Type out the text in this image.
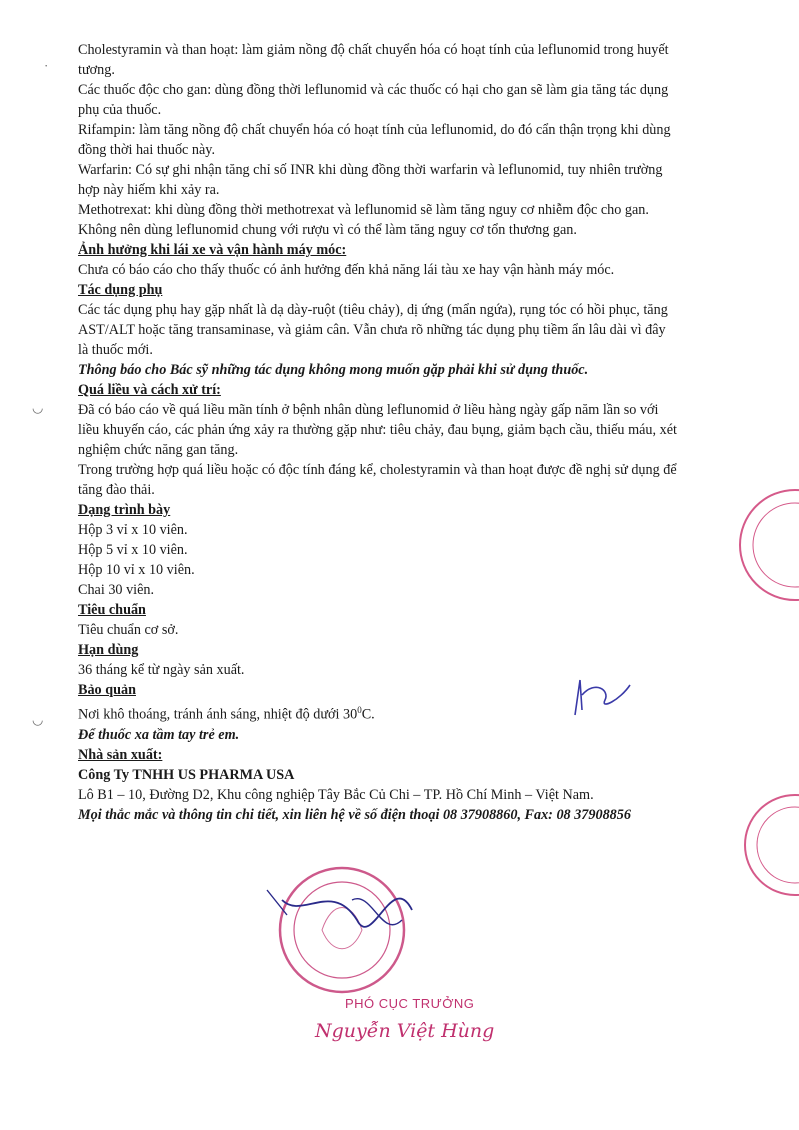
·
◡
◡

Cholestyramin và than hoạt: làm giảm nồng độ chất chuyển hóa có hoạt tính của leflunomid trong huyết tương.

Các thuốc độc cho gan: dùng đồng thời leflunomid và các thuốc có hại cho gan sẽ làm gia tăng tác dụng phụ của thuốc.

Rifampin: làm tăng nồng độ chất chuyển hóa có hoạt tính của leflunomid, do đó cẩn thận trọng khi dùng đồng thời hai thuốc này.

Warfarin: Có sự ghi nhận tăng chỉ số INR khi dùng đồng thời warfarin và leflunomid, tuy nhiên trường hợp này hiếm khi xảy ra.

Methotrexat: khi dùng đồng thời methotrexat và leflunomid sẽ làm tăng nguy cơ nhiễm độc cho gan.

Không nên dùng leflunomid chung với rượu vì có thể làm tăng nguy cơ tổn thương gan.

Ảnh hưởng khi lái xe và vận hành máy móc:

Chưa có báo cáo cho thấy thuốc có ảnh hưởng đến khả năng lái tàu xe hay vận hành máy móc.

Tác dụng phụ

Các tác dụng phụ hay gặp nhất là dạ dày-ruột (tiêu chảy), dị ứng (mẩn ngứa), rụng tóc có hồi phục, tăng AST/ALT hoặc tăng transaminase, và giảm cân. Vẫn chưa rõ những tác dụng phụ tiềm ẩn lâu dài vì đây là thuốc mới.

Thông báo cho Bác sỹ những tác dụng không mong muốn gặp phải khi sử dụng thuốc.

Quá liều và cách xử trí:

Đã có báo cáo về quá liều mãn tính ở bệnh nhân dùng leflunomid ở liều hàng ngày gấp năm lần so với liều khuyến cáo, các phản ứng xảy ra thường gặp như: tiêu chảy, đau bụng, giảm bạch cầu, thiếu máu, xét nghiệm chức năng gan tăng.

Trong trường hợp quá liều hoặc có độc tính đáng kể, cholestyramin và than hoạt được đề nghị sử dụng để tăng đào thải.

Dạng trình bày

Hộp 3 vỉ x 10 viên.

Hộp 5 vỉ x 10 viên.

Hộp 10 vỉ x 10 viên.

Chai 30 viên.

Tiêu chuẩn

Tiêu chuẩn cơ sở.

Hạn dùng

36 tháng kể từ ngày sản xuất.

Bảo quản

Nơi khô thoáng, tránh ánh sáng, nhiệt độ dưới $30^0C$.

Để thuốc xa tầm tay trẻ em.

Nhà sản xuất:

Công Ty TNHH US PHARMA USA

Lô B1 – 10, Đường D2, Khu công nghiệp Tây Bắc Củ Chi – TP. Hồ Chí Minh – Việt Nam.

Mọi thắc mắc và thông tin chi tiết, xin liên hệ về số điện thoại 08 37908860, Fax: 08 37908856

PHÓ CỤC TRƯỞNG
Nguyễn Việt Hùng
